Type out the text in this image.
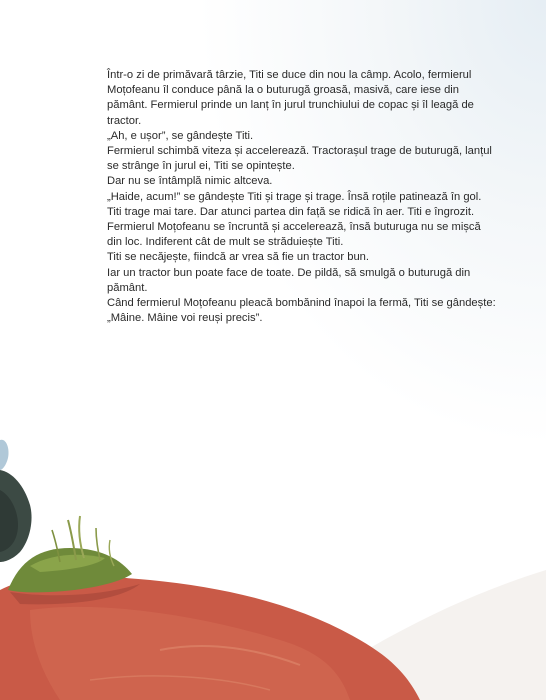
Într-o zi de primăvară târzie, Titi se duce din nou la câmp. Acolo, fermierul Moțofeanu îl conduce până la o buturugă groasă, masivă, care iese din pământ. Fermierul prinde un lanț în jurul trunchiului de copac și îl leagă de tractor.

„Ah, e ușor”, se gândește Titi.

Fermierul schimbă viteza și accelerează. Tractorașul trage de buturugă, lanțul se strânge în jurul ei, Titi se opintește.

Dar nu se întâmplă nimic altceva.

„Haide, acum!” se gândește Titi și trage și trage. Însă roțile patinează în gol. Titi trage mai tare. Dar atunci partea din față se ridică în aer. Titi e îngrozit.

Fermierul Moțofeanu se încruntă și accelerează, însă buturuga nu se mișcă din loc. Indiferent cât de mult se străduiește Titi.

Titi se necăjește, fiindcă ar vrea să fie un tractor bun.

Iar un tractor bun poate face de toate. De pildă, să smulgă o buturugă din pământ.

Când fermierul Moțofeanu pleacă bombănind înapoi la fermă, Titi se gândește: „Mâine. Mâine voi reuși precis”.
